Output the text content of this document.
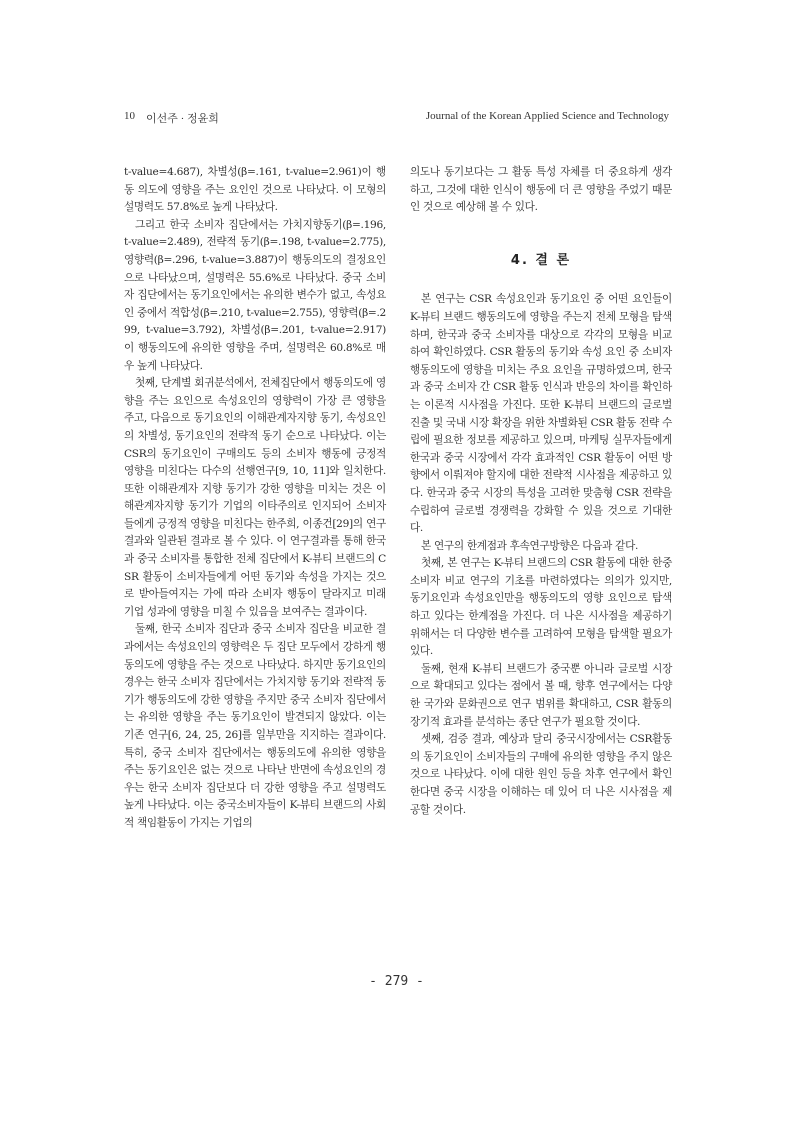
10 이선주 · 정윤희	Journal of the Korean Applied Science and Technology

t-value=4.687), 차별성(β=.161, t-value=2.961)이 행동 의도에 영향을 주는 요인인 것으로 나타났다. 이 모형의 설명력도 57.8%로 높게 나타났다.

그리고 한국 소비자 집단에서는 가치지향동기(β=.196, t-value=2.489), 전략적 동기(β=.198, t-value=2.775), 영향력(β=.296, t-value=3.887)이 행동의도의 결정요인으로 나타났으며, 설명력은 55.6%로 나타났다. 중국 소비자 집단에서는 동기요인에서는 유의한 변수가 없고, 속성요인 중에서 적합성(β=.210, t-value=2.755), 영향력(β=.299, t-value=3.792), 차별성(β=.201, t-value=2.917)이 행동의도에 유의한 영향을 주며, 설명력은 60.8%로 매우 높게 나타났다.

첫째, 단계별 회귀분석에서, 전체집단에서 행동의도에 영향을 주는 요인으로 속성요인의 영향력이 가장 큰 영향을 주고, 다음으로 동기요인의 이해관계자지향 동기, 속성요인의 차별성, 동기요인의 전략적 동기 순으로 나타났다. 이는 CSR의 동기요인이 구매의도 등의 소비자 행동에 긍정적 영향을 미친다는 다수의 선행연구[9, 10, 11]와 일치한다. 또한 이해관계자 지향 동기가 강한 영향을 미치는 것은 이해관계자지향 동기가 기업의 이타주의로 인지되어 소비자들에게 긍정적 영향을 미친다는 한주희, 이종건[29]의 연구결과와 일관된 결과로 볼 수 있다. 이 연구결과를 통해 한국과 중국 소비자를 통합한 전체 집단에서 K-뷰티 브랜드의 CSR 활동이 소비자들에게 어떤 동기와 속성을 가지는 것으로 받아들여지는 가에 따라 소비자 행동이 달라지고 미래 기업 성과에 영향을 미칠 수 있음을 보여주는 결과이다.

둘째, 한국 소비자 집단과 중국 소비자 집단을 비교한 결과에서는 속성요인의 영향력은 두 집단 모두에서 강하게 행동의도에 영향을 주는 것으로 나타났다. 하지만 동기요인의 경우는 한국 소비자 집단에서는 가치지향 동기와 전략적 동기가 행동의도에 강한 영향을 주지만 중국 소비자 집단에서는 유의한 영향을 주는 동기요인이 발견되지 않았다. 이는 기존 연구[6, 24, 25, 26]를 일부만을 지지하는 결과이다. 특히, 중국 소비자 집단에서는 행동의도에 유의한 영향을 주는 동기요인은 없는 것으로 나타난 반면에 속성요인의 경우는 한국 소비자 집단보다 더 강한 영향을 주고 설명력도 높게 나타났다. 이는 중국소비자들이 K-뷰티 브랜드의 사회적 책임활동이 가지는 기업의

의도나 동기보다는 그 활동 특성 자체를 더 중요하게 생각하고, 그것에 대한 인식이 행동에 더 큰 영향을 주었기 때문인 것으로 예상해 볼 수 있다.

4. 결 론

본 연구는 CSR 속성요인과 동기요인 중 어떤 요인들이 K-뷰티 브랜드 행동의도에 영향을 주는지 전체 모형을 탐색하며, 한국과 중국 소비자를 대상으로 각각의 모형을 비교하여 확인하였다. CSR 활동의 동기와 속성 요인 중 소비자 행동의도에 영향을 미치는 주요 요인을 규명하였으며, 한국과 중국 소비자 간 CSR 활동 인식과 반응의 차이를 확인하는 이론적 시사점을 가진다. 또한 K-뷰티 브랜드의 글로벌 진출 및 국내 시장 확장을 위한 차별화된 CSR 활동 전략 수립에 필요한 정보를 제공하고 있으며, 마케팅 실무자들에게 한국과 중국 시장에서 각각 효과적인 CSR 활동이 어떤 방향에서 이뤄져야 할지에 대한 전략적 시사점을 제공하고 있다. 한국과 중국 시장의 특성을 고려한 맞춤형 CSR 전략을 수립하여 글로벌 경쟁력을 강화할 수 있을 것으로 기대한다.

본 연구의 한계점과 후속연구방향은 다음과 같다.

첫째, 본 연구는 K-뷰티 브랜드의 CSR 활동에 대한 한중 소비자 비교 연구의 기초를 마련하였다는 의의가 있지만, 동기요인과 속성요인만을 행동의도의 영향 요인으로 탐색하고 있다는 한계점을 가진다. 더 나은 시사점을 제공하기 위해서는 더 다양한 변수를 고려하여 모형을 탐색할 필요가 있다.

둘째, 현재 K-뷰티 브랜드가 중국뿐 아니라 글로벌 시장으로 확대되고 있다는 점에서 볼 때, 향후 연구에서는 다양한 국가와 문화권으로 연구 범위를 확대하고, CSR 활동의 장기적 효과를 분석하는 종단 연구가 필요할 것이다.

셋째, 검증 결과, 예상과 달리 중국시장에서는 CSR활동의 동기요인이 소비자들의 구매에 유의한 영향을 주지 않은 것으로 나타났다. 이에 대한 원인 등을 차후 연구에서 확인한다면 중국 시장을 이해하는 데 있어 더 나은 시사점을 제공할 것이다.

- 279 -
